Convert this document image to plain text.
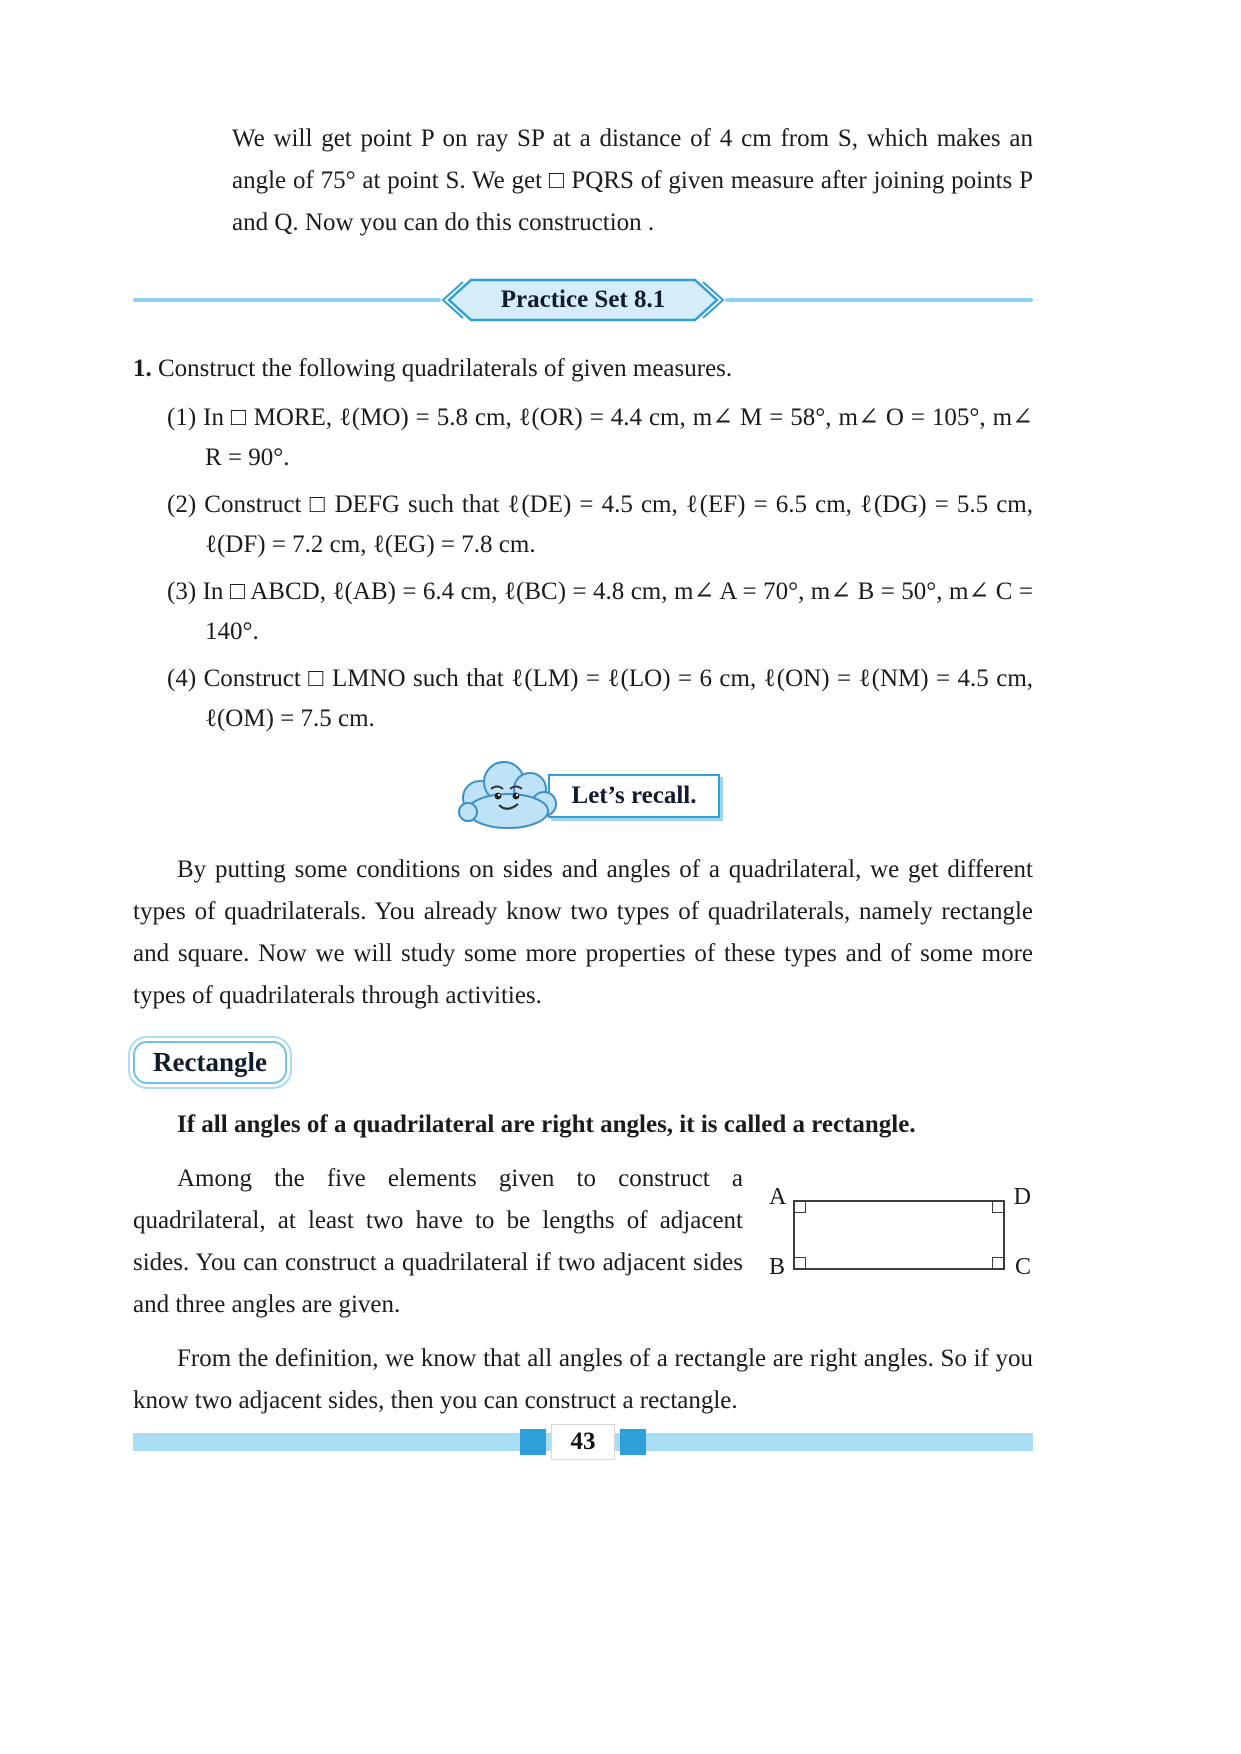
We will get point P on ray SP at a distance of 4 cm from S, which makes an angle of 75° at point S. We get □ PQRS of given measure after joining points P and Q. Now you can do this construction .

Practice Set 8.1

1. Construct the following quadrilaterals of given measures.

(1) In □ MORE, ℓ(MO) = 5.8 cm, ℓ(OR) = 4.4 cm, m∠ M = 58°, m∠ O = 105°, m∠ R = 90°.
(2) Construct □ DEFG such that ℓ(DE) = 4.5 cm, ℓ(EF) = 6.5 cm, ℓ(DG) = 5.5 cm, ℓ(DF) = 7.2 cm, ℓ(EG) = 7.8 cm.
(3) In □ ABCD, ℓ(AB) = 6.4 cm, ℓ(BC) = 4.8 cm, m∠ A = 70°, m∠ B = 50°, m∠ C = 140°.
(4) Construct □ LMNO such that ℓ(LM) = ℓ(LO) = 6 cm, ℓ(ON) = ℓ(NM) = 4.5 cm, ℓ(OM) = 7.5 cm.
Let’s recall.

By putting some conditions on sides and angles of a quadrilateral, we get different types of quadrilaterals. You already know two types of quadrilaterals, namely rectangle and square. Now we will study some more properties of these types and of some more types of quadrilaterals through activities.

Rectangle

If all angles of a quadrilateral are right angles, it is called a rectangle.

A	D
B	C

Among the five elements given to construct a quadrilateral, at least two have to be lengths of adjacent sides. You can construct a quadrilateral if two adjacent sides and three angles are given.

From the definition, we know that all angles of a rectangle are right angles. So if you know two adjacent sides, then you can construct a rectangle.

43
